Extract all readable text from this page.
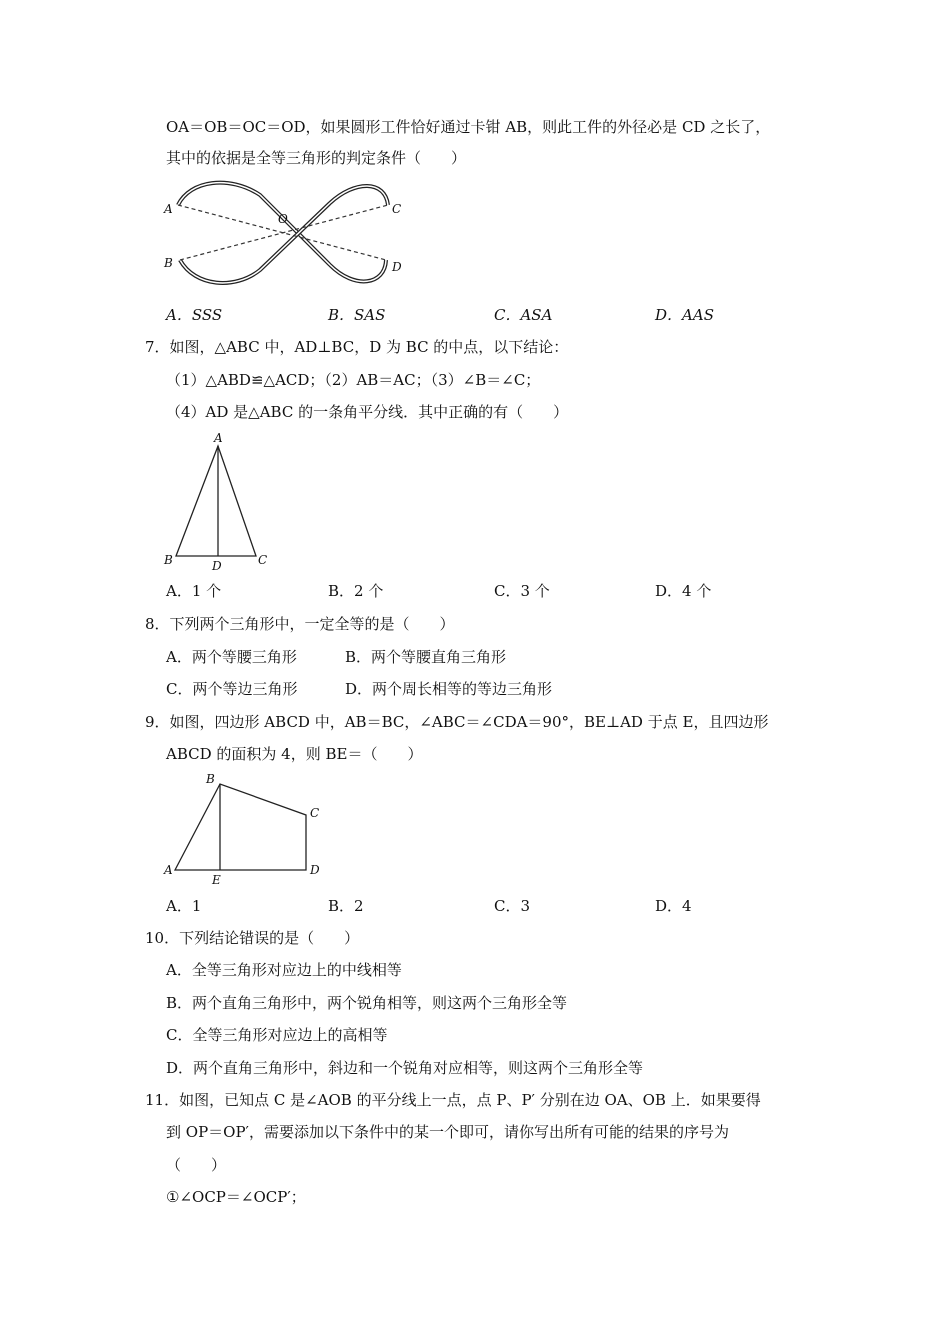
OA＝OB＝OC＝OD，如果圆形工件恰好通过卡钳 AB，则此工件的外径必是 CD 之长了，
其中的依据是全等三角形的判定条件（　　）
A
B
O
C
D
A．SSS	B．SAS	C．ASA	D．AAS
7．如图，△ABC 中，AD⊥BC，D 为 BC 的中点，以下结论：
（1）△ABD≌△ACD；（2）AB＝AC；（3）∠B＝∠C；
（4）AD 是△ABC 的一条角平分线．其中正确的有（　　）
A
B	D	C
A．1 个	B．2 个	C．3 个	D．4 个
8．下列两个三角形中，一定全等的是（　　）
A．两个等腰三角形	B．两个等腰直角三角形
C．两个等边三角形	D．两个周长相等的等边三角形
9．如图，四边形 ABCD 中，AB＝BC，∠ABC＝∠CDA＝90°，BE⊥AD 于点 E，且四边形
ABCD 的面积为 4，则 BE＝（　　）
B
C
A
E
D
A．1	B．2	C．3	D．4
10．下列结论错误的是（　　）
A．全等三角形对应边上的中线相等
B．两个直角三角形中，两个锐角相等，则这两个三角形全等
C．全等三角形对应边上的高相等
D．两个直角三角形中，斜边和一个锐角对应相等，则这两个三角形全等
11．如图，已知点 C 是∠AOB 的平分线上一点，点 P、P′ 分别在边 OA、OB 上．如果要得
到 OP＝OP′，需要添加以下条件中的某一个即可，请你写出所有可能的结果的序号为
（　　）
①∠OCP＝∠OCP′；
